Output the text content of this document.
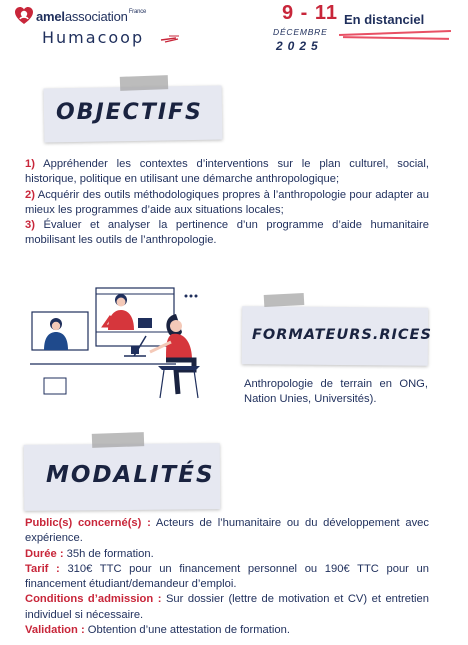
amelassociation$^{France}$
Humacoop
9 - 11
DÉCEMBRE
2025
En distanciel
OBJECTIFS
1) Appréhender les contextes d’interventions sur le plan culturel, social, historique, politique en utilisant une démarche anthropologique;
2) Acquérir des outils méthodologiques propres à l’anthropologie pour adapter au mieux les programmes d’aide aux situations locales;
3) Évaluer et analyser la pertinence d’un programme d’aide humanitaire mobilisant les outils de l’anthropologie.
FORMATEURS.RICES
Anthropologie de terrain en ONG, Nation Unies, Universités).
MODALITÉS
Public(s) concerné(s) : Acteurs de l’humanitaire ou du développement avec expérience.
Durée : 35h de formation.
Tarif : 310€ TTC pour un financement personnel ou 190€ TTC pour un financement étudiant/demandeur d’emploi.
Conditions d’admission : Sur dossier (lettre de motivation et CV) et entretien individuel si nécessaire.
Validation : Obtention d’une attestation de formation.
